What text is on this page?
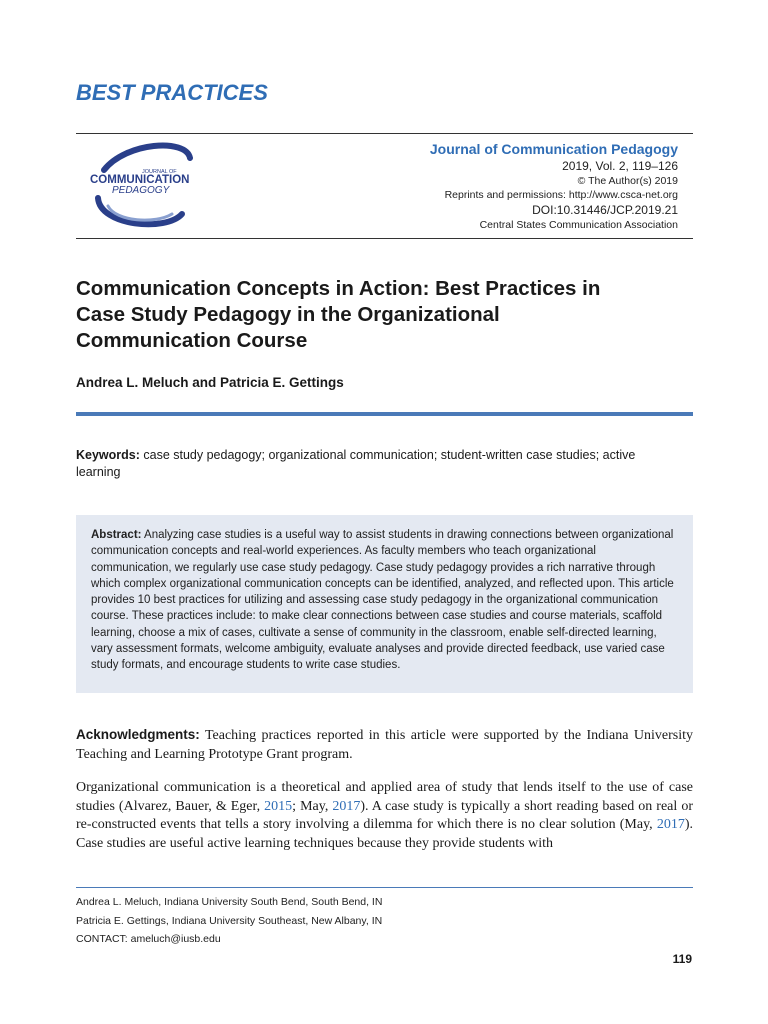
BEST PRACTICES
JOURNAL OF
COMMUNICATION
PEDAGOGY
Journal of Communication Pedagogy
2019, Vol. 2, 119–126
© The Author(s) 2019
Reprints and permissions: http://www.csca-net.org
DOI:10.31446/JCP.2019.21
Central States Communication Association
Communication Concepts in Action: Best Practices in Case Study Pedagogy in the Organizational Communication Course
Andrea L. Meluch and Patricia E. Gettings
Keywords: case study pedagogy; organizational communication; student-written case studies; active learning
Abstract: Analyzing case studies is a useful way to assist students in drawing connections between organizational communication concepts and real-world experiences. As faculty members who teach organizational communication, we regularly use case study pedagogy. Case study pedagogy provides a rich narrative through which complex organizational communication concepts can be identified, analyzed, and reflected upon. This article provides 10 best practices for utilizing and assessing case study pedagogy in the organizational communication course. These practices include: to make clear connections between case studies and course materials, scaffold learning, choose a mix of cases, cultivate a sense of community in the classroom, enable self-directed learning, vary assessment formats, welcome ambiguity, evaluate analyses and provide directed feedback, use varied case study formats, and encourage students to write case studies.
Acknowledgments: Teaching practices reported in this article were supported by the Indiana University Teaching and Learning Prototype Grant program.
Organizational communication is a theoretical and applied area of study that lends itself to the use of case studies (Alvarez, Bauer, & Eger, 2015; May, 2017). A case study is typically a short reading based on real or re-constructed events that tells a story involving a dilemma for which there is no clear solution (May, 2017). Case studies are useful active learning techniques because they provide students with
Andrea L. Meluch, Indiana University South Bend, South Bend, IN
Patricia E. Gettings, Indiana University Southeast, New Albany, IN
CONTACT: ameluch@iusb.edu
119
